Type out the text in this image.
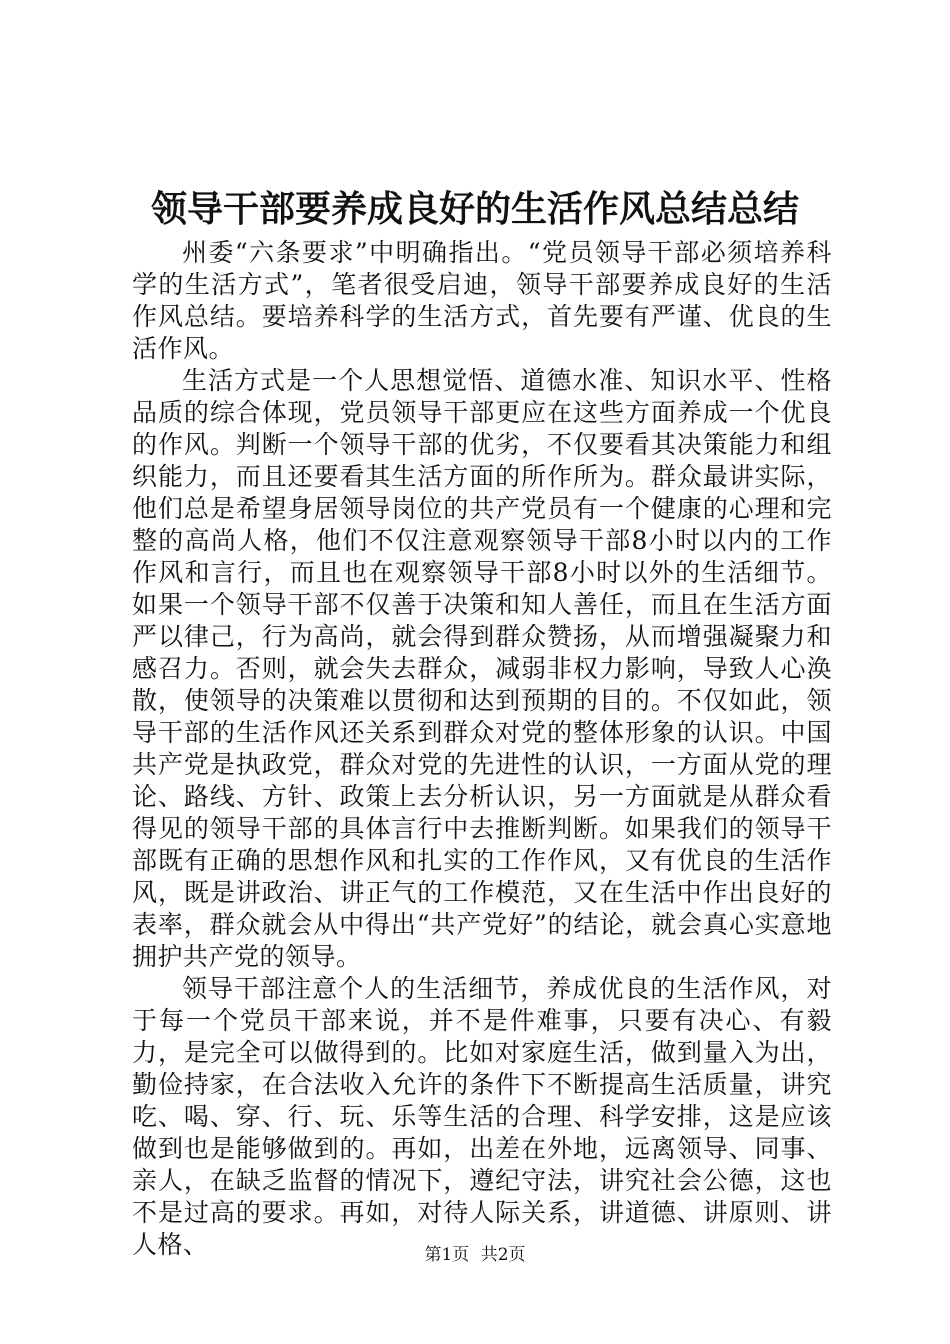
领导干部要养成良好的生活作风总结总结

州委“六条要求”中明确指出。“党员领导干部必须培养科学的生活方式”，笔者很受启迪，领导干部要养成良好的生活作风总结。要培养科学的生活方式，首先要有严谨、优良的生活作风。

生活方式是一个人思想觉悟、道德水准、知识水平、性格品质的综合体现，党员领导干部更应在这些方面养成一个优良的作风。判断一个领导干部的优劣，不仅要看其决策能力和组织能力，而且还要看其生活方面的所作所为。群众最讲实际，他们总是希望身居领导岗位的共产党员有一个健康的心理和完整的高尚人格，他们不仅注意观察领导干部8小时以内的工作作风和言行，而且也在观察领导干部8小时以外的生活细节。如果一个领导干部不仅善于决策和知人善任，而且在生活方面严以律己，行为高尚，就会得到群众赞扬，从而增强凝聚力和感召力。否则，就会失去群众，减弱非权力影响，导致人心涣散，使领导的决策难以贯彻和达到预期的目的。不仅如此，领导干部的生活作风还关系到群众对党的整体形象的认识。中国共产党是执政党，群众对党的先进性的认识，一方面从党的理论、路线、方针、政策上去分析认识，另一方面就是从群众看得见的领导干部的具体言行中去推断判断。如果我们的领导干部既有正确的思想作风和扎实的工作作风，又有优良的生活作风，既是讲政治、讲正气的工作模范，又在生活中作出良好的表率，群众就会从中得出“共产党好”的结论，就会真心实意地拥护共产党的领导。

领导干部注意个人的生活细节，养成优良的生活作风，对于每一个党员干部来说，并不是件难事，只要有决心、有毅力，是完全可以做得到的。比如对家庭生活，做到量入为出，勤俭持家，在合法收入允许的条件下不断提高生活质量，讲究吃、喝、穿、行、玩、乐等生活的合理、科学安排，这是应该做到也是能够做到的。再如，出差在外地，远离领导、同事、亲人，在缺乏监督的情况下，遵纪守法，讲究社会公德，这也不是过高的要求。再如，对待人际关系，讲道德、讲原则、讲人格、	第1页 共2页
